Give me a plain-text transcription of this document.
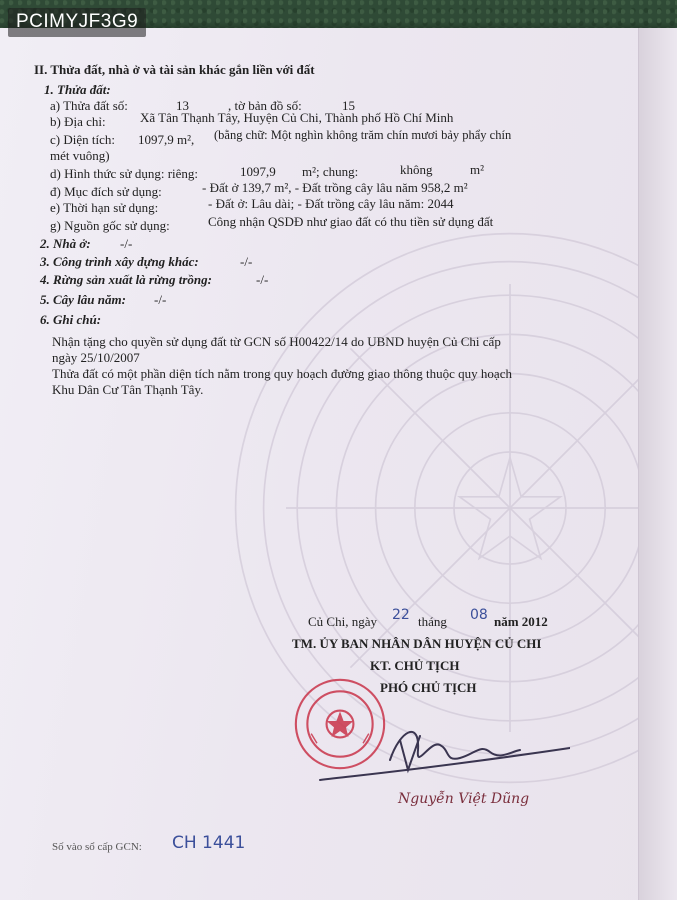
PCIMYJF3G9
II. Thửa đất, nhà ở và tài sản khác gắn liền với đất
1. Thửa đất:
a) Thửa đất số:	13	, tờ bản đồ số:	15
b) Địa chỉ:	Xã Tân Thạnh Tây, Huyện Củ Chi, Thành phố Hồ Chí Minh
c) Diện tích: 1097,9 m², (bằng chữ: Một nghìn không trăm chín mươi bảy phẩy chín
mét vuông)
d) Hình thức sử dụng: riêng:	1097,9 m²; chung:	không	m²
đ) Mục đích sử dụng:	- Đất ở 139,7 m², - Đất trồng cây lâu năm 958,2 m²
e) Thời hạn sử dụng:	- Đất ở: Lâu dài; - Đất trồng cây lâu năm: 2044
g) Nguồn gốc sử dụng:	Công nhận QSDĐ như giao đất có thu tiền sử dụng đất
2. Nhà ở: -/-
3. Công trình xây dựng khác:	-/-
4. Rừng sản xuất là rừng trồng:	-/-
5. Cây lâu năm: -/-
6. Ghi chú:
Nhận tặng cho quyền sử dụng đất từ GCN số H00422/14 do UBND huyện Củ Chi cấp
ngày 25/10/2007
Thửa đất có một phần diện tích nằm trong quy hoạch đường giao thông thuộc quy hoạch
Khu Dân Cư Tân Thạnh Tây.
Củ Chi, ngày 22 tháng 08 năm 2012
TM. ỦY BAN NHÂN DÂN HUYỆN CỦ CHI
KT. CHỦ TỊCH
PHÓ CHỦ TỊCH
Nguyễn Việt Dũng
Số vào sổ cấp GCN: CH 1441
